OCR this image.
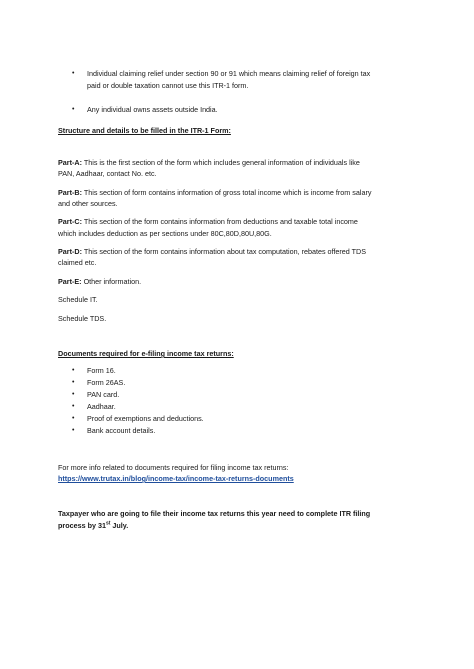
• Individual claiming relief under section 90 or 91 which means claiming relief of foreign tax
paid or double taxation cannot use this ITR-1 form.
• Any individual owns assets outside India.
Structure and details to be filled in the ITR-1 Form:
Part-A: This is the first section of the form which includes general information of individuals like
PAN, Aadhaar, contact No. etc.
Part-B: This section of form contains information of gross total income which is income from salary
and other sources.
Part-C: This section of the form contains information from deductions and taxable total income
which includes deduction as per sections under 80C,80D,80U,80G.
Part-D: This section of the form contains information about tax computation, rebates offered TDS
claimed etc.
Part-E: Other information.
Schedule IT.
Schedule TDS.
Documents required for e-filing income tax returns:
• Form 16.
• Form 26AS.
• PAN card.
• Aadhaar.
• Proof of exemptions and deductions.
• Bank account details.
For more info related to documents required for filing income tax returns:
https://www.trutax.in/blog/income-tax/income-tax-returns-documents
Taxpayer who are going to file their income tax returns this year need to complete ITR filing
process by 31st July.
